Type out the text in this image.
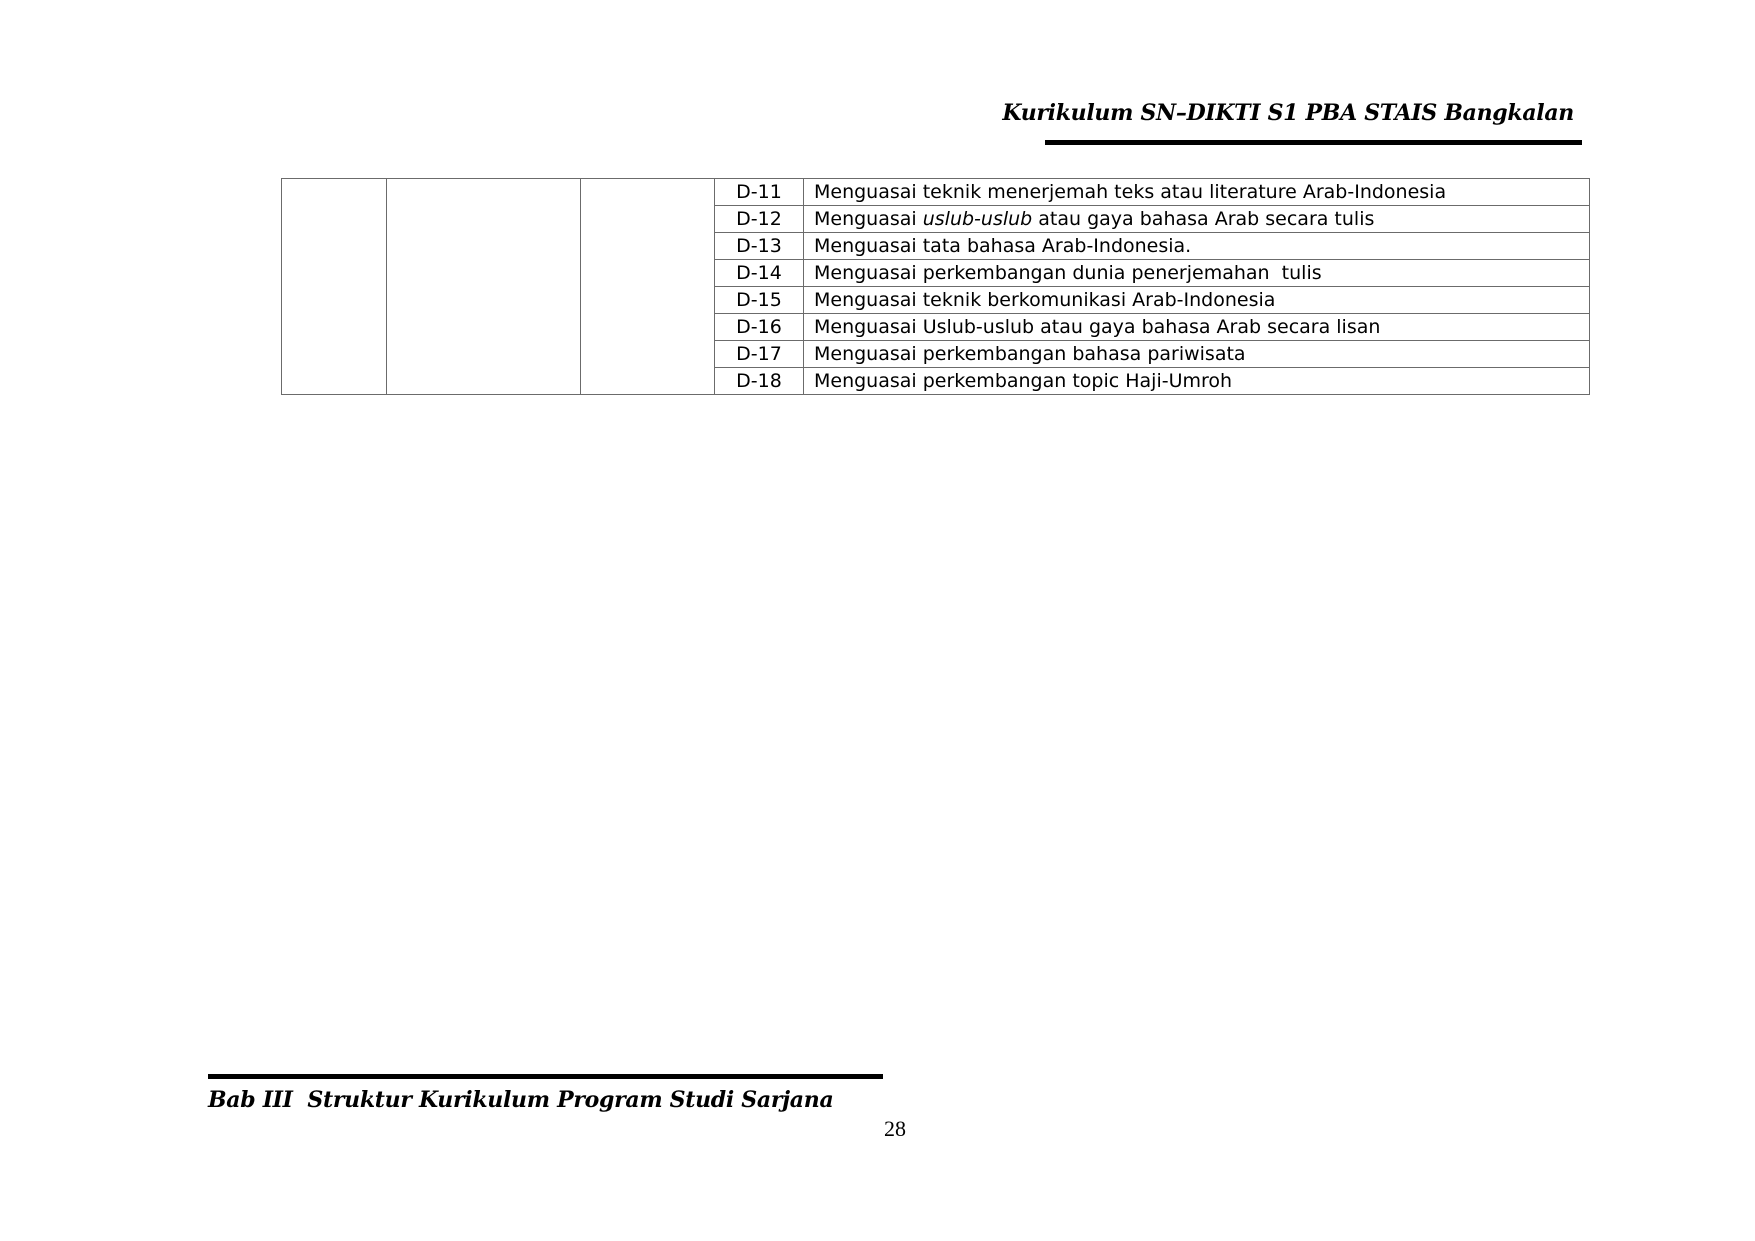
Kurikulum SN–DIKTI S1 PBA STAIS Bangkalan
			D-11	Menguasai teknik menerjemah teks atau literature Arab-Indonesia
			D-12	Menguasai uslub-uslub atau gaya bahasa Arab secara tulis
			D-13	Menguasai tata bahasa Arab-Indonesia.
			D-14	Menguasai perkembangan dunia penerjemahan  tulis
			D-15	Menguasai teknik berkomunikasi Arab-Indonesia
			D-16	Menguasai Uslub-uslub atau gaya bahasa Arab secara lisan
			D-17	Menguasai perkembangan bahasa pariwisata
			D-18	Menguasai perkembangan topic Haji-Umroh
Bab III  Struktur Kurikulum Program Studi Sarjana
28
